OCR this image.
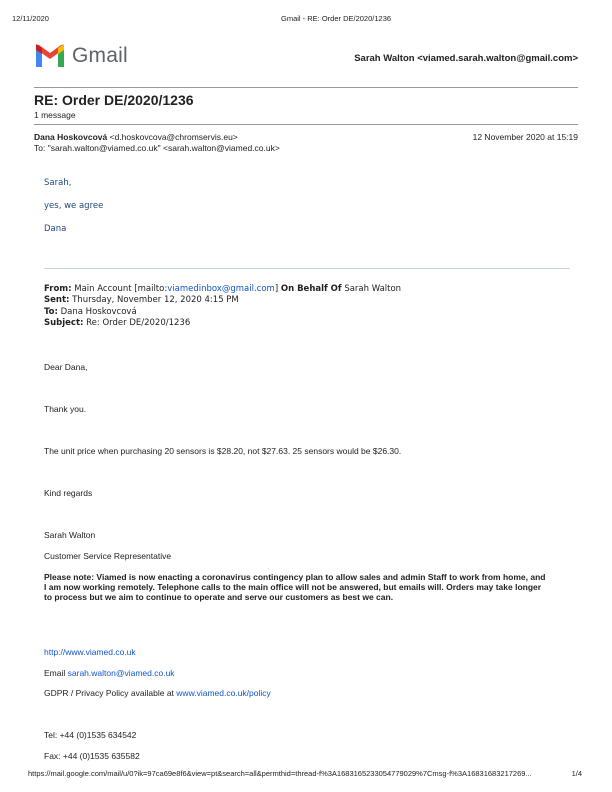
12/11/2020	Gmail - RE: Order DE/2020/1236
Gmail	Sarah Walton <viamed.sarah.walton@gmail.com>
RE: Order DE/2020/1236
1 message
Dana Hoskovcová <d.hoskovcova@chromservis.eu>	12 November 2020 at 15:19
To: "sarah.walton@viamed.co.uk" <sarah.walton@viamed.co.uk>
Sarah,
yes, we agree
Dana
From: Main Account [mailto:viamedinbox@gmail.com] On Behalf Of Sarah Walton
Sent: Thursday, November 12, 2020 4:15 PM
To: Dana Hoskovcová
Subject: Re: Order DE/2020/1236
Dear Dana,
Thank you.
The unit price when purchasing 20 sensors is $28.20, not $27.63. 25 sensors would be $26.30.
Kind regards
Sarah Walton
Customer Service Representative
Please note: Viamed is now enacting a coronavirus contingency plan to allow sales and admin Staff to work from home, and I am now working remotely. Telephone calls to the main office will not be answered, but emails will. Orders may take longer to process but we aim to continue to operate and serve our customers as best we can.
http://www.viamed.co.uk
Email sarah.walton@viamed.co.uk
GDPR / Privacy Policy available at www.viamed.co.uk/policy
Tel: +44 (0)1535 634542
Fax: +44 (0)1535 635582
https://mail.google.com/mail/u/0?ik=97ca69e8f6&view=pt&search=all&permthid=thread-f%3A1683165233054779029%7Cmsg-f%3A1683168321726​9...	1/4
